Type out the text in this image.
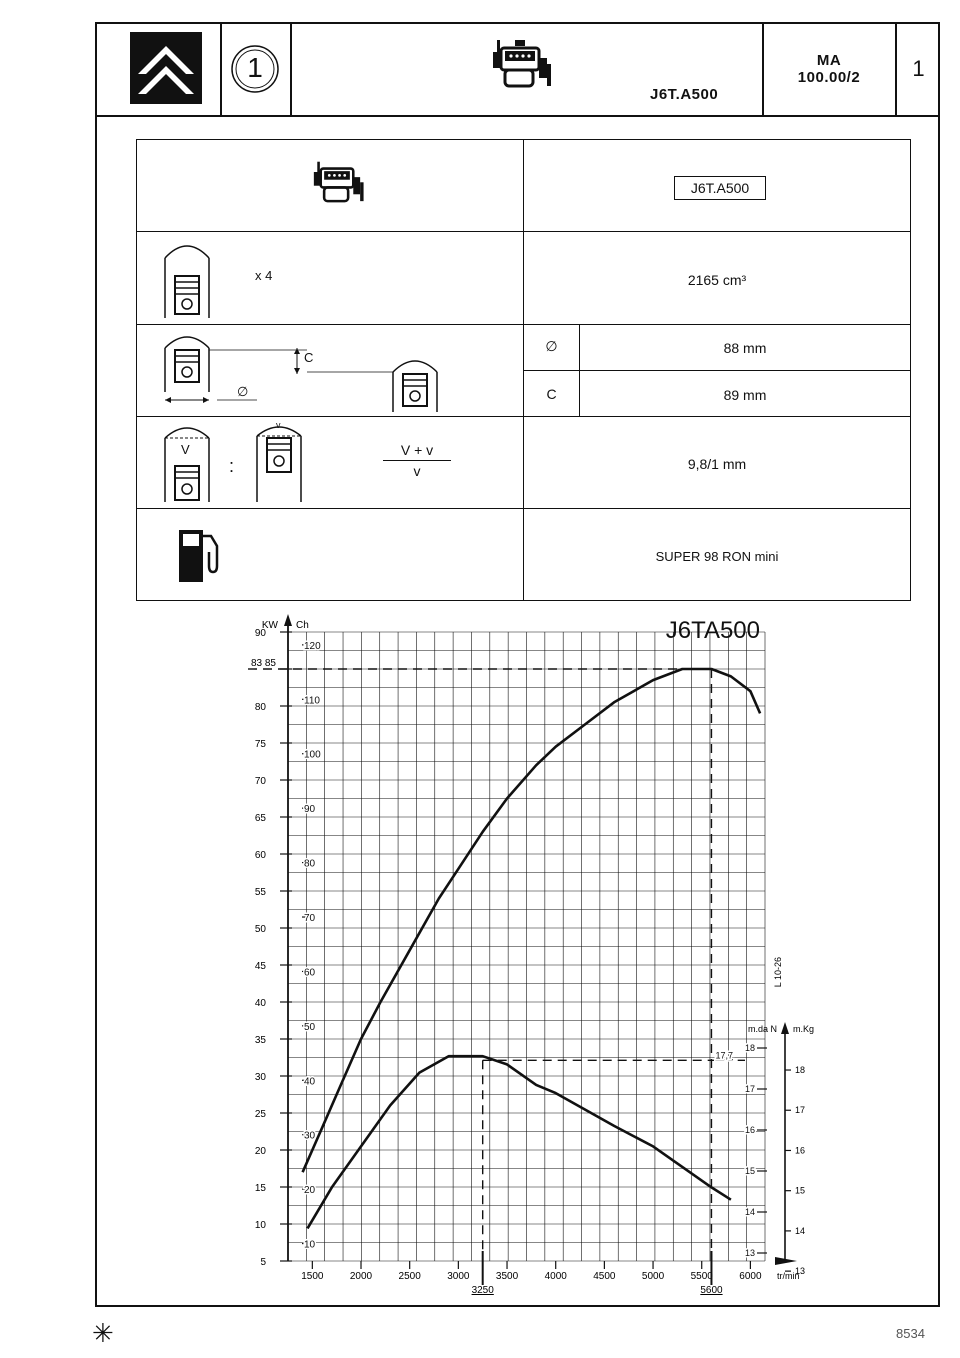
1
J6T.A500
MA
100.00/2	1
J6T.A500
x 4	2165 cm³
C
∅
∅	88 mm
C	89 mm
V
:
v
V + v
v	9,8/1 mm
SUPER 98 RON mini
J6TA500
KW Ch
5
10
15
20
25
30
35
40
45
50
55
60
65
70
75
80
90
83 85
10
20
30
40
50
60
70
80
90
100
110
120
1500	2000	2500	3000	3500	4000	4500	5000	5500	6000 tr/min
3250	5600
m.da N m.Kg
13
14
15
16
17
18
13
14
15
16
17
18
17,7
L 10-26
✳	8534
